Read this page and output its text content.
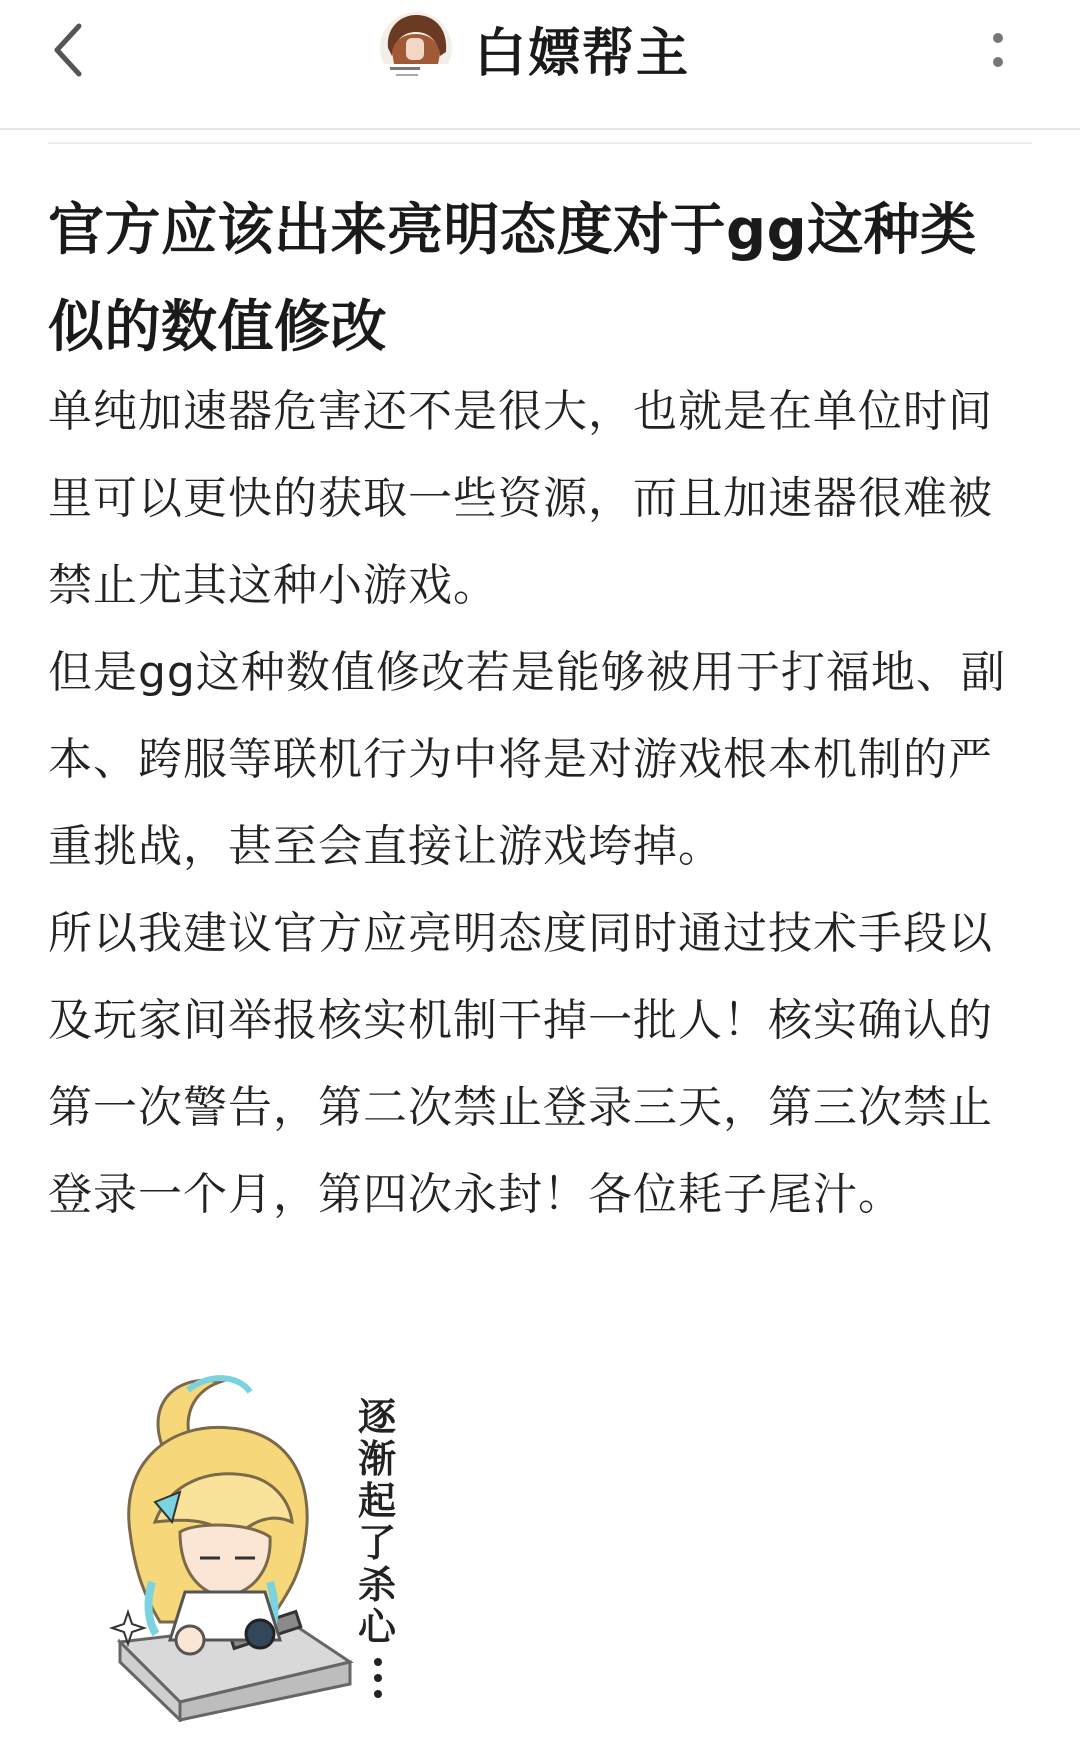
白嫖帮主
官方应该出来亮明态度对于gg这种类似的数值修改

单纯加速器危害还不是很大，也就是在单位时间里可以更快的获取一些资源，而且加速器很难被禁止尤其这种小游戏。

但是gg这种数值修改若是能够被用于打福地、副本、跨服等联机行为中将是对游戏根本机制的严重挑战，甚至会直接让游戏垮掉。

所以我建议官方应亮明态度同时通过技术手段以及玩家间举报核实机制干掉一批人！核实确认的第一次警告，第二次禁止登录三天，第三次禁止登录一个月，第四次永封！各位耗子尾汁。

逐
渐
起
了
杀
心
